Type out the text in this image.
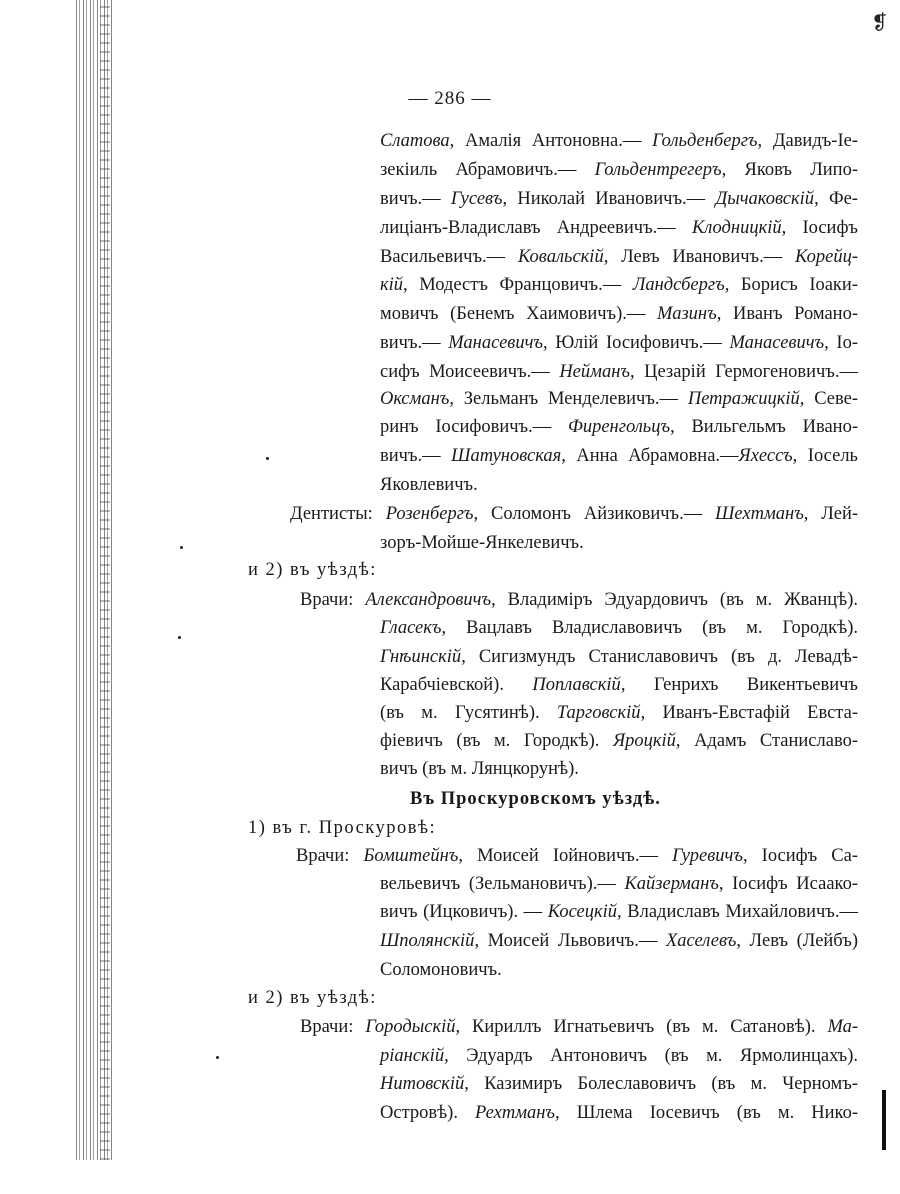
❡
— 286 —
Слатова, Амалія Антоновна.— Гольденбергъ, Давидъ-Іе-
зекіиль Абрамовичъ.— Гольдентрегеръ, Яковъ Липо-
вичъ.— Гусевъ, Николай Ивановичъ.— Дычаковскій, Фе-
лиціанъ-Владиславъ Андреевичъ.— Клодницкій, Іосифъ
Васильевичъ.— Ковальскій, Левъ Ивановичъ.— Корейц-
кій, Модестъ Францовичъ.— Ландсбергъ, Борисъ Іоаки-
мовичъ (Бенемъ Хаимовичъ).— Мазинъ, Иванъ Романо-
вичъ.— Манасевичъ, Юлій Іосифовичъ.— Манасевичъ, Іо-
сифъ Моисеевичъ.— Нейманъ, Цезарій Гермогеновичъ.—
Оксманъ, Зельманъ Менделевичъ.— Петражицкій, Севе-
ринъ Іосифовичъ.— Фиренгольцъ, Вильгельмъ Ивано-
вичъ.— Шатуновская, Анна Абрамовна.—Яхессъ, Іосель
Яковлевичъ.
Дентисты: Розенбергъ, Соломонъ Айзиковичъ.— Шехтманъ, Лей-
зоръ-Мойше-Янкелевичъ.
и 2) въ уѣздѣ:
Врачи: Александровичъ, Владиміръ Эдуардовичъ (въ м. Жванцѣ).
Гласекъ, Вацлавъ Владиславовичъ (въ м. Городкѣ).
Гнѣинскій, Сигизмундъ Станиславовичъ (въ д. Левадѣ-
Карабчіевской). Поплавскій, Генрихъ Викентьевичъ
(въ м. Гусятинѣ). Тарговскій, Иванъ-Евстафій Евста-
фіевичъ (въ м. Городкѣ). Яроцкій, Адамъ Станиславо-
вичъ (въ м. Лянцкорунѣ).
Въ Проскуровскомъ уѣздѣ.
1) въ г. Проскуровѣ:
Врачи: Бомштейнъ, Моисей Іойновичъ.— Гуревичъ, Іосифъ Са-
вельевичъ (Зельмановичъ).— Кайзерманъ, Іосифъ Исаако-
вичъ (Ицковичъ). — Косецкій, Владиславъ Михайловичъ.—
Шполянскій, Моисей Львовичъ.— Хаселевъ, Левъ (Лейбъ)
Соломоновичъ.
и 2) въ уѣздѣ:
Врачи: Городыскій, Кириллъ Игнатьевичъ (въ м. Сатановѣ). Ма-
ріанскій, Эдуардъ Антоновичъ (въ м. Ярмолинцахъ).
Нитовскій, Казимиръ Болеславовичъ (въ м. Черномъ-
Островѣ). Рехтманъ, Шлема Іосевичъ (въ м. Нико-
